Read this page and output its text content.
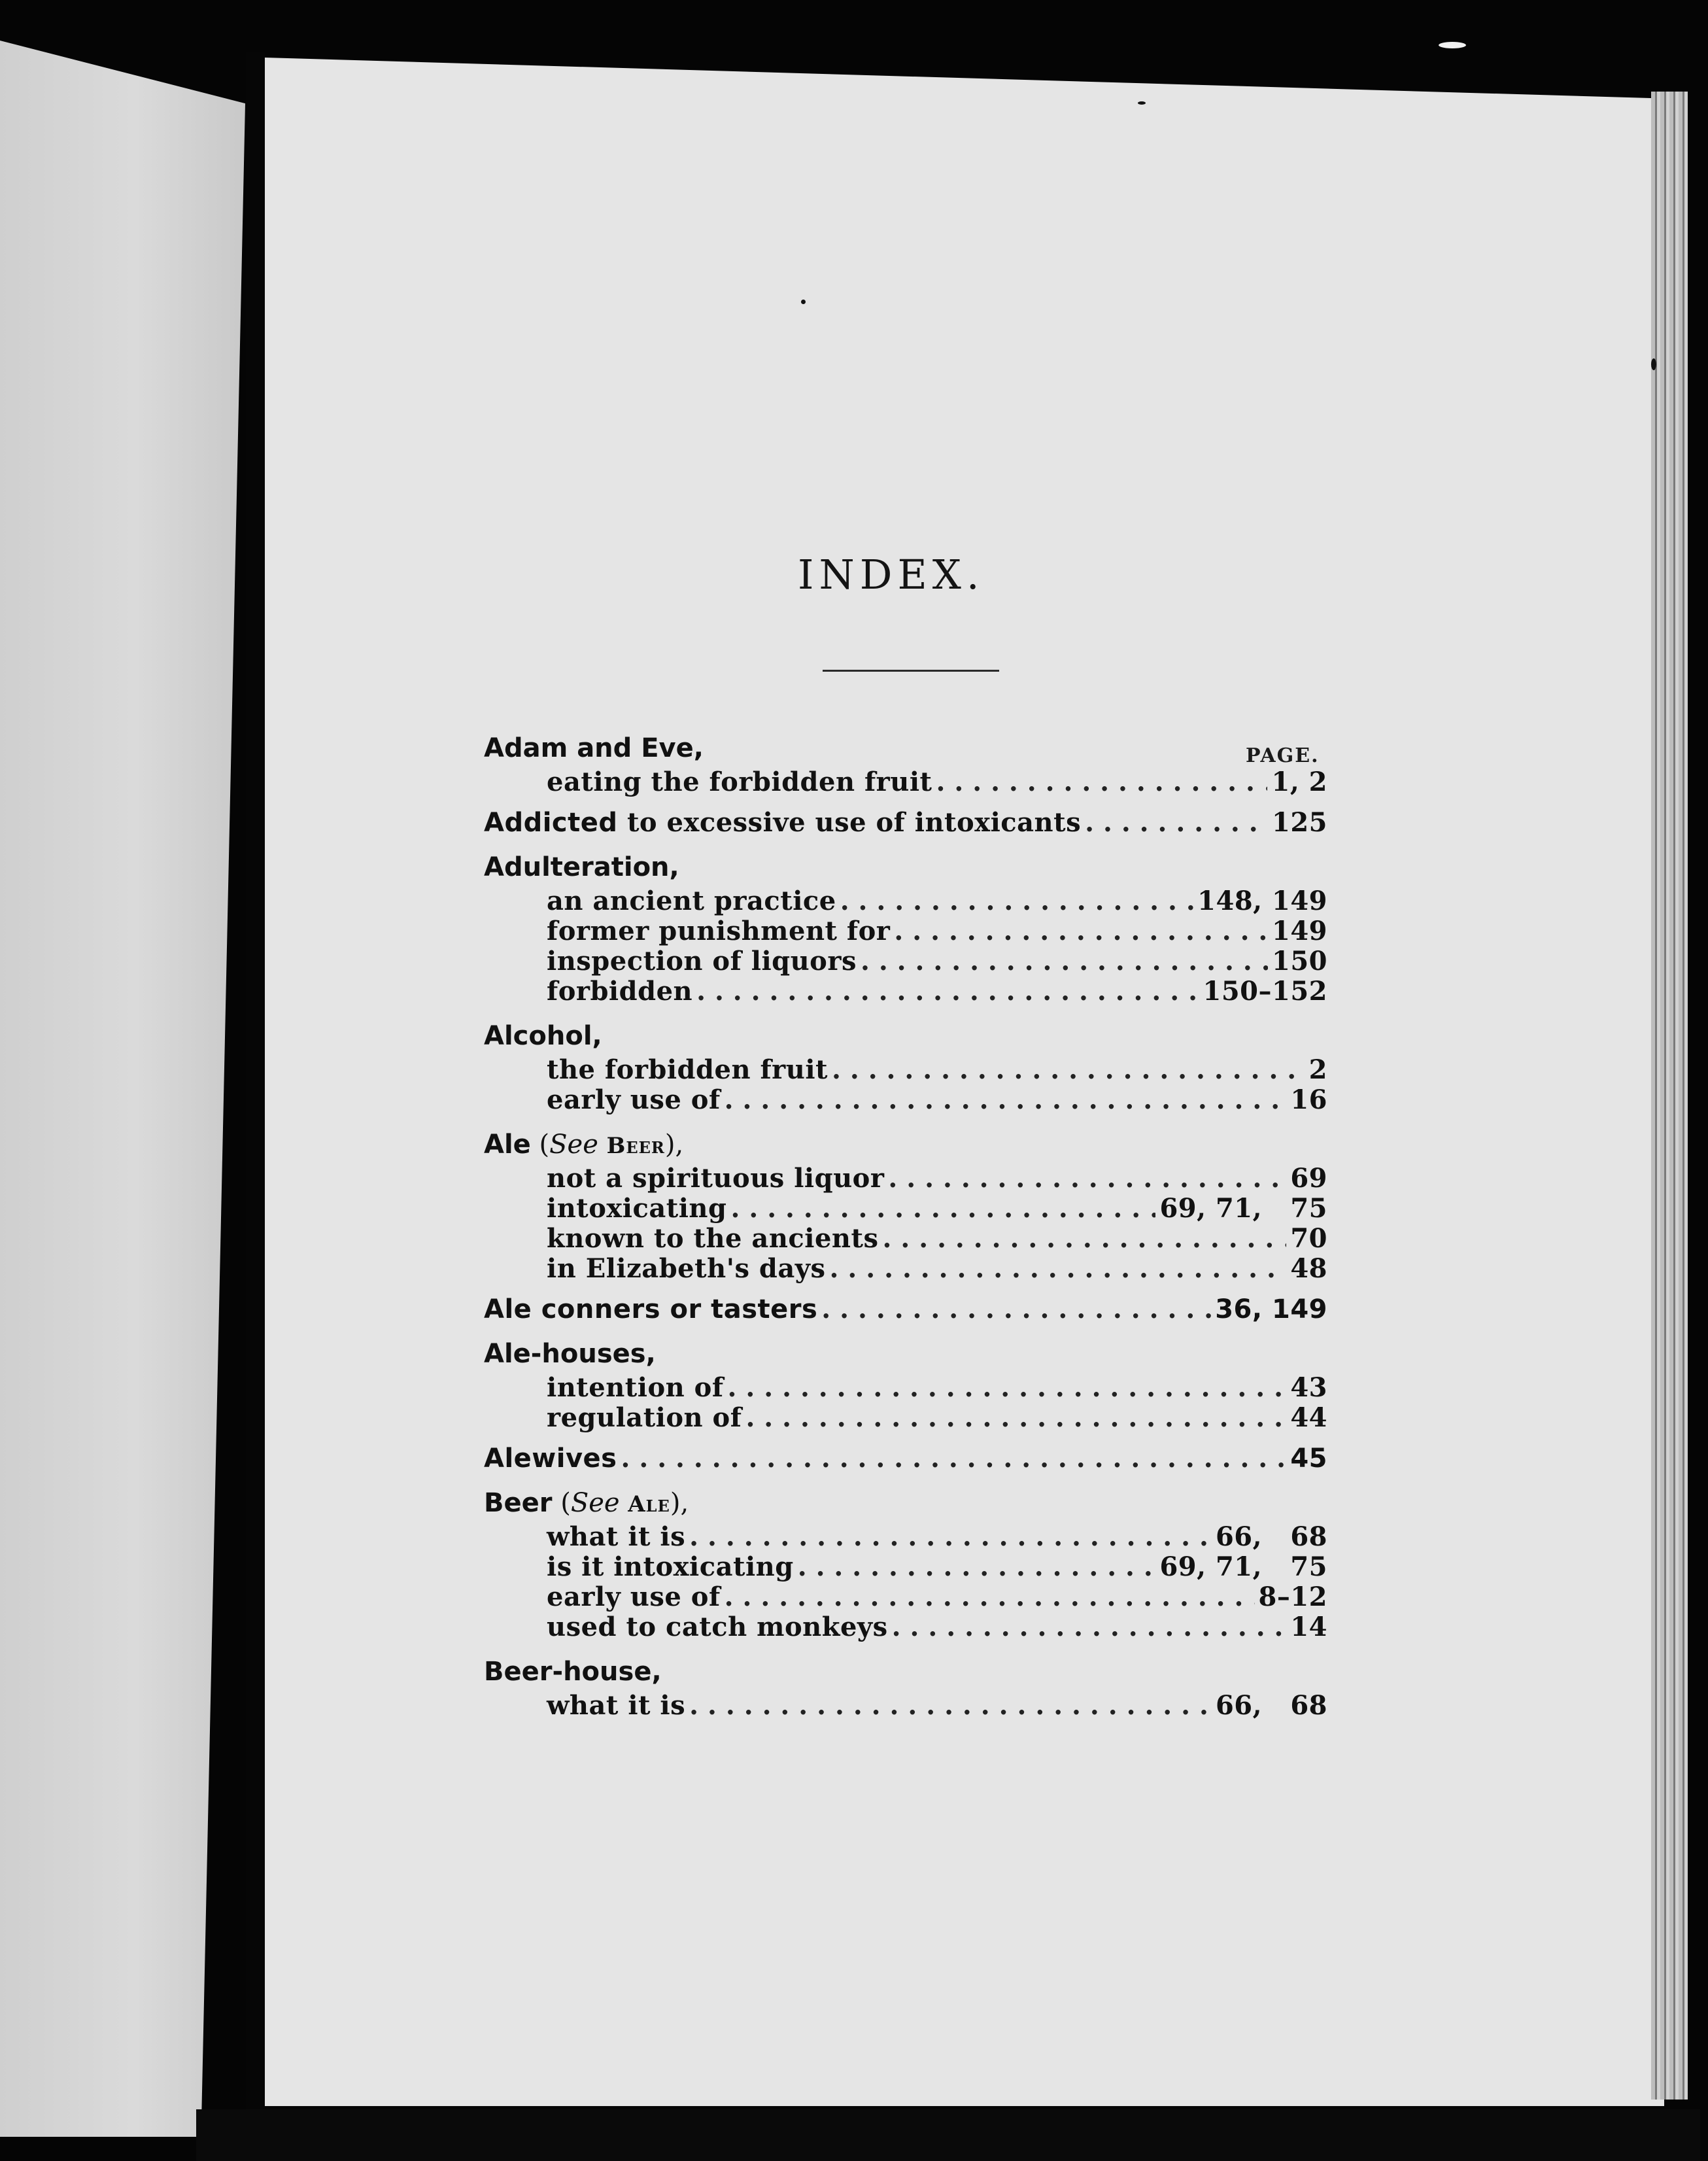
INDEX.
PAGE.
Adam and Eve,
eating the forbidden fruit . . .	1, 2
Addicted to excessive use of intoxicants . . .	125
Adulteration,
an ancient practice . . .	148, 149
former punishment for . . .	149
inspection of liquors . . .	150
forbidden . . .	150–152
Alcohol,
the forbidden fruit . . .	2
early use of . . .	16
Ale (See Beer),
not a spirituous liquor . . .	69
intoxicating . . .	69, 71,   75
known to the ancients . . .	70
in Elizabeth's days . . .	48
Ale conners or tasters . . .	36, 149
Ale-houses,
intention of . . .	43
regulation of . . .	44
Alewives . . .	45
Beer (See Ale),
what it is . . .	66,   68
is it intoxicating . . .	69, 71,   75
early use of . . .	8–12
used to catch monkeys . . .	14
Beer-house,
what it is . . .	66,   68
